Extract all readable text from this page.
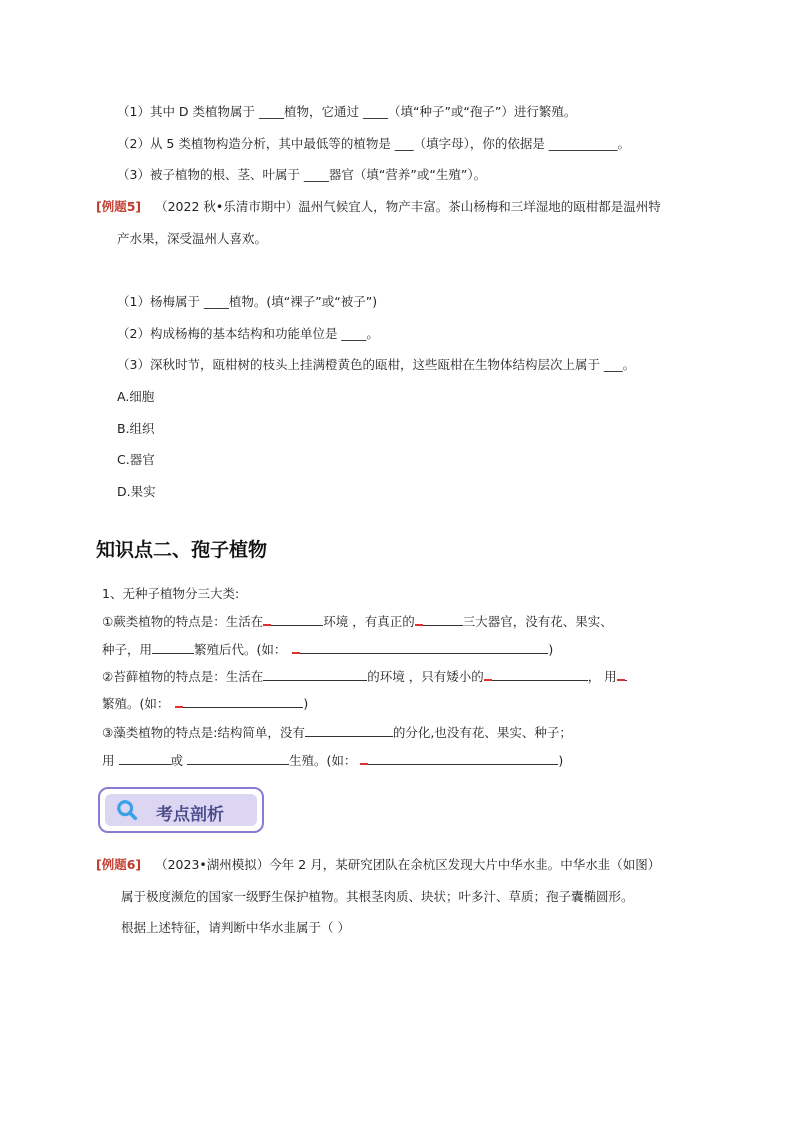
（1）其中 D 类植物属于 ____植物，它通过 ____（填“种子”或“孢子”）进行繁殖。
（2）从 5 类植物构造分析，其中最低等的植物是 ___（填字母），你的依据是 ___________。
（3）被子植物的根、茎、叶属于 ____器官（填“营养”或“生殖”）。
[例题5] （2022 秋•乐清市期中）温州气候宜人，物产丰富。茶山杨梅和三垟湿地的瓯柑都是温州特
产水果，深受温州人喜欢。
（1）杨梅属于 ____植物。(填“裸子”或“被子”)
（2）构成杨梅的基本结构和功能单位是 ____。
（3）深秋时节，瓯柑树的枝头上挂满橙黄色的瓯柑，这些瓯柑在生物体结构层次上属于 ___。
A.细胞
B.组织
C.器官
D.果实
知识点二、孢子植物
1、无种子植物分三大类:
①蕨类植物的特点是：生活在	环境 ，有真正的	三大器官，没有花、果实、
种子，用	繁殖后代。(如：	)
②苔藓植物的特点是：生活在	的环境 ，只有矮小的	， 用
繁殖。(如：	)
③藻类植物的特点是:结构简单，没有	的分化,也没有花、果实、种子；
用	或	生殖。(如：	)
考点剖析
[例题6] （2023•湖州模拟）今年 2 月，某研究团队在余杭区发现大片中华水韭。中华水韭（如图）
属于极度濒危的国家一级野生保护植物。其根茎肉质、块状；叶多汁、草质；孢子囊椭圆形。
根据上述特征，请判断中华水韭属于（ ）
